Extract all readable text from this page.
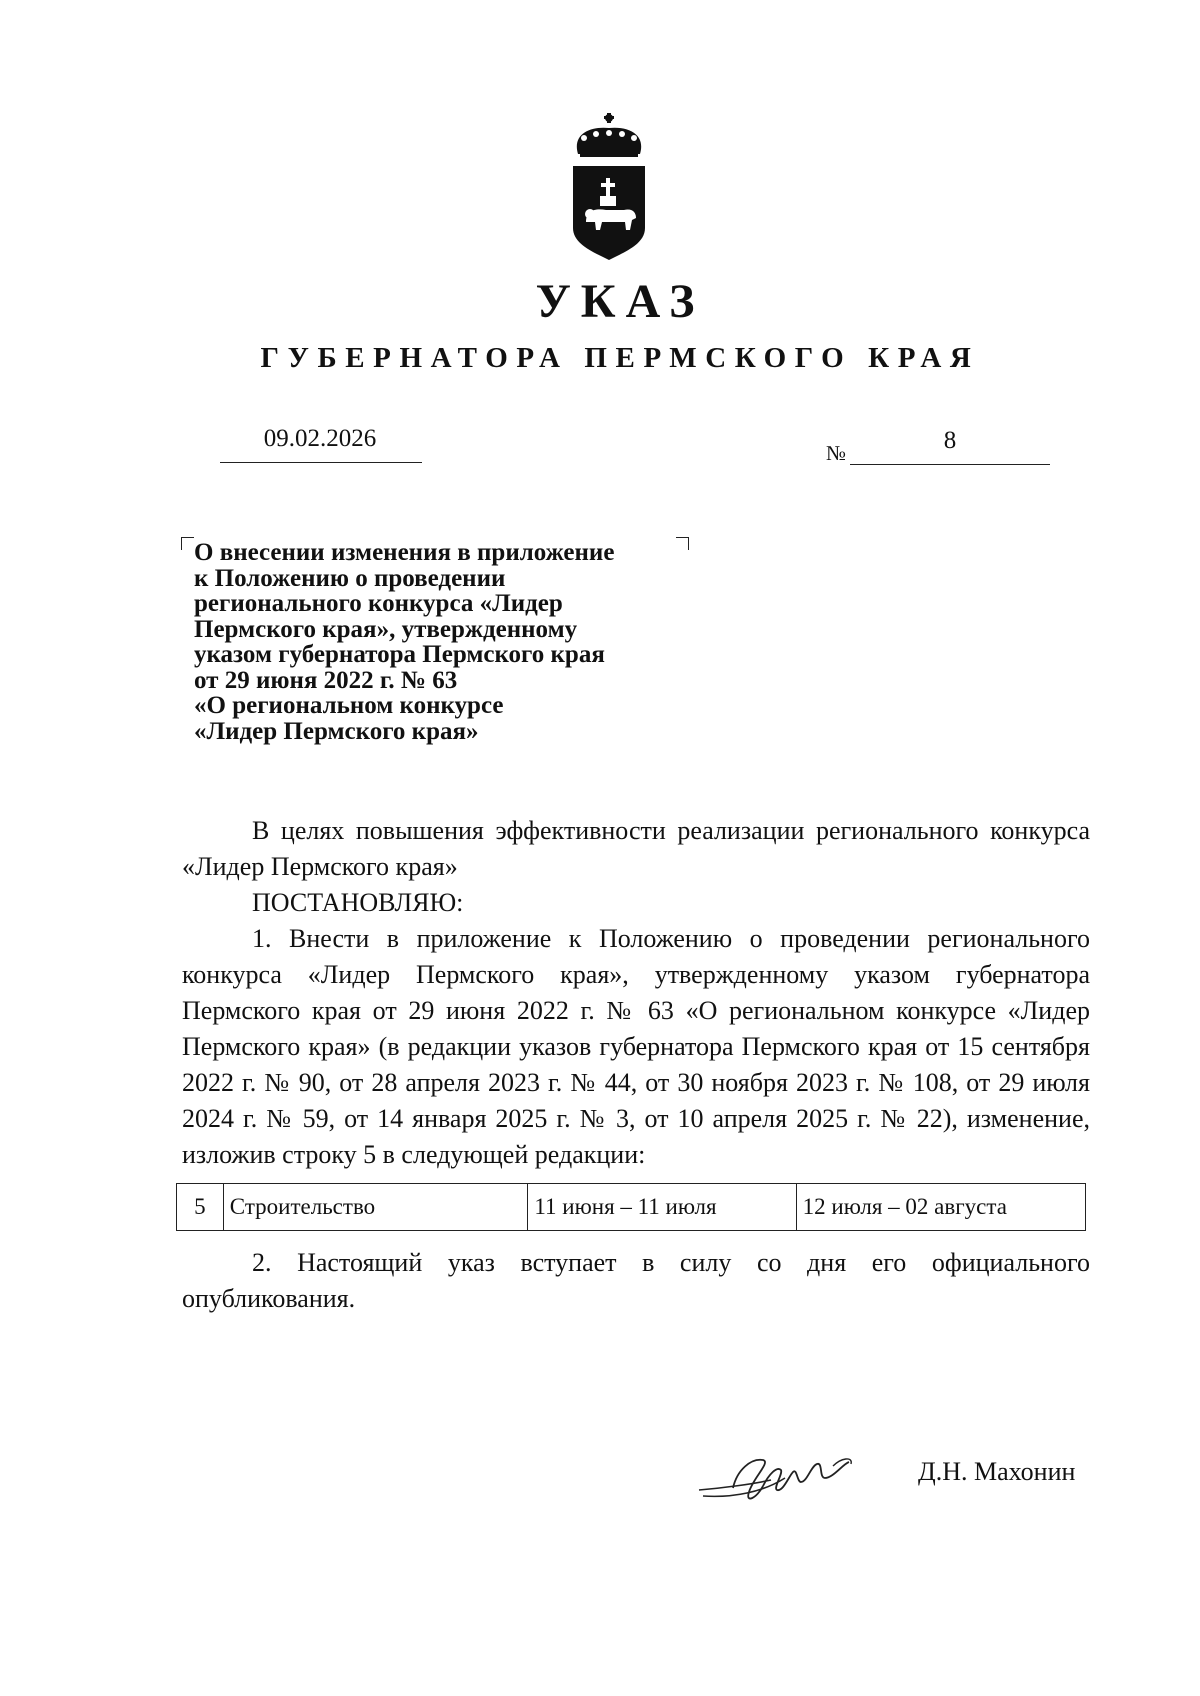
УКАЗ
ГУБЕРНАТОРА ПЕРМСКОГО КРАЯ
09.02.2026
№	8
О внесении изменения в приложение
к Положению о проведении
регионального конкурса «Лидер
Пермского края», утвержденному
указом губернатора Пермского края
от 29 июня 2022 г. № 63
«О региональном конкурсе
«Лидер Пермского края»

В целях повышения эффективности реализации регионального конкурса «Лидер Пермского края»

ПОСТАНОВЛЯЮ:

1. Внести в приложение к Положению о проведении регионального конкурса «Лидер Пермского края», утвержденному указом губернатора Пермского края от 29 июня 2022 г. № 63 «О региональном конкурсе «Лидер Пермского края» (в редакции указов губернатора Пермского края от 15 сентября 2022 г. № 90, от 28 апреля 2023 г. № 44, от 30 ноября 2023 г. № 108, от 29 июля 2024 г. № 59, от 14 января 2025 г. № 3, от 10 апреля 2025 г. № 22), изменение, изложив строку 5 в следующей редакции:

5	Строительство	11 июня – 11 июля	12 июля – 02 августа

2. Настоящий указ вступает в силу со дня его официального опубликования.

Д.Н. Махонин
